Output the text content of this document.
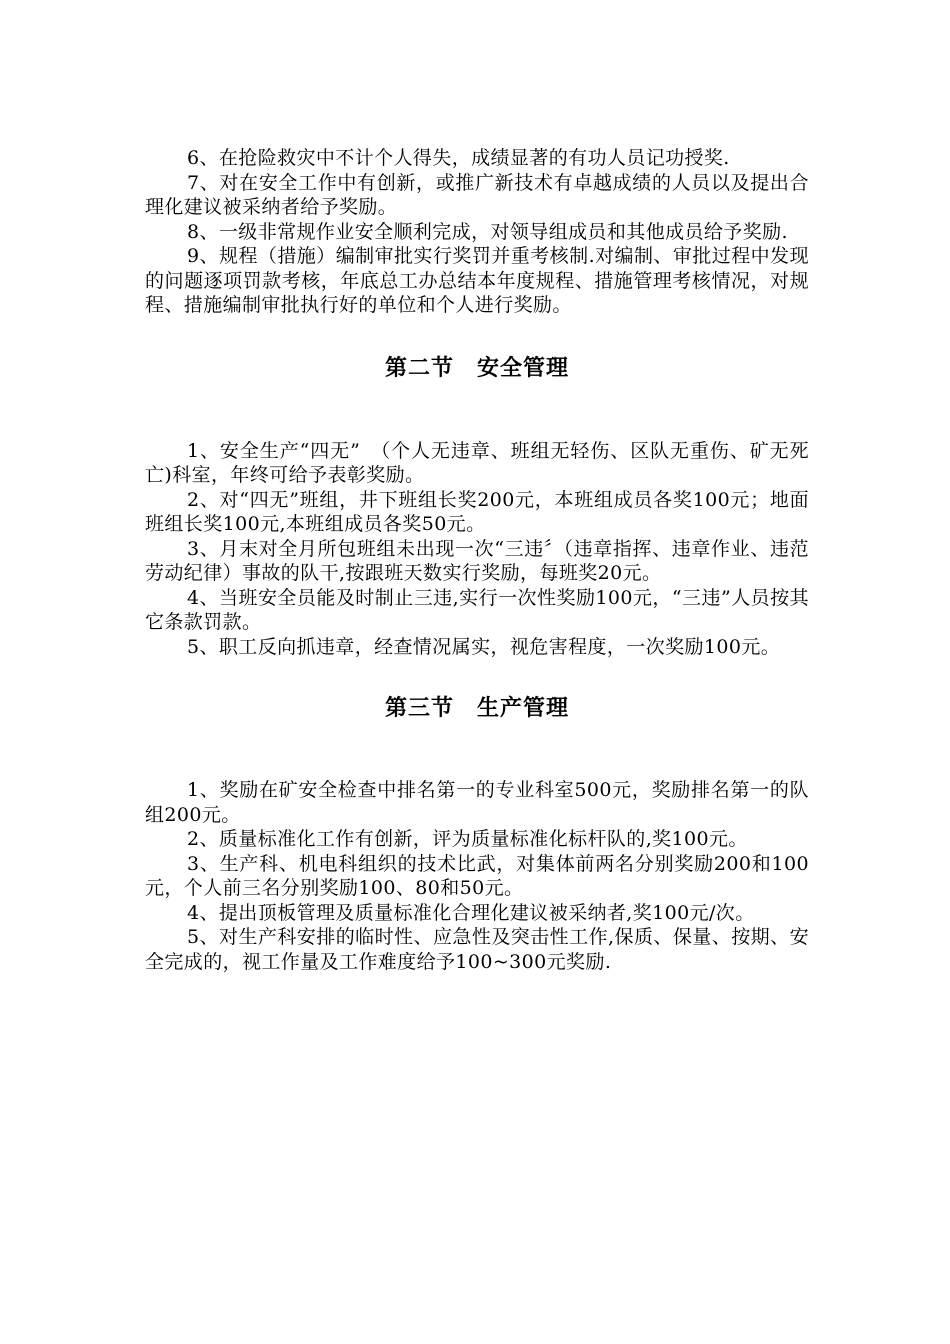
6、在抢险救灾中不计个人得失，成绩显著的有功人员记功授奖.

7、对在安全工作中有创新，或推广新技术有卓越成绩的人员以及提出合理化建议被采纳者给予奖励。

8、一级非常规作业安全顺利完成，对领导组成员和其他成员给予奖励.

9、规程（措施）编制审批实行奖罚并重考核制.对编制、审批过程中发现的问题逐项罚款考核，年底总工办总结本年度规程、措施管理考核情况，对规程、措施编制审批执行好的单位和个人进行奖励。

第二节　安全管理

1、安全生产“四无”　（个人无违章、班组无轻伤、区队无重伤、矿无死亡)科室，年终可给予表彰奖励。

2、对“四无”班组，井下班组长奖200元，本班组成员各奖100元；地面班组长奖100元,本班组成员各奖50元。

3、月末对全月所包班组未出现一次“三违〞（违章指挥、违章作业、违范劳动纪律）事故的队干,按跟班天数实行奖励，每班奖20元。

4、当班安全员能及时制止三违,实行一次性奖励100元，“三违”人员按其它条款罚款。

5、职工反向抓违章，经查情况属实，视危害程度，一次奖励100元。

第三节　生产管理

1、奖励在矿安全检查中排名第一的专业科室500元，奖励排名第一的队组200元。

2、质量标准化工作有创新，评为质量标准化标杆队的,奖100元。

3、生产科、机电科组织的技术比武，对集体前两名分别奖励200和100元，个人前三名分别奖励100、80和50元。

4、提出顶板管理及质量标准化合理化建议被采纳者,奖100元/次。

5、对生产科安排的临时性、应急性及突击性工作,保质、保量、按期、安全完成的，视工作量及工作难度给予100~300元奖励.
